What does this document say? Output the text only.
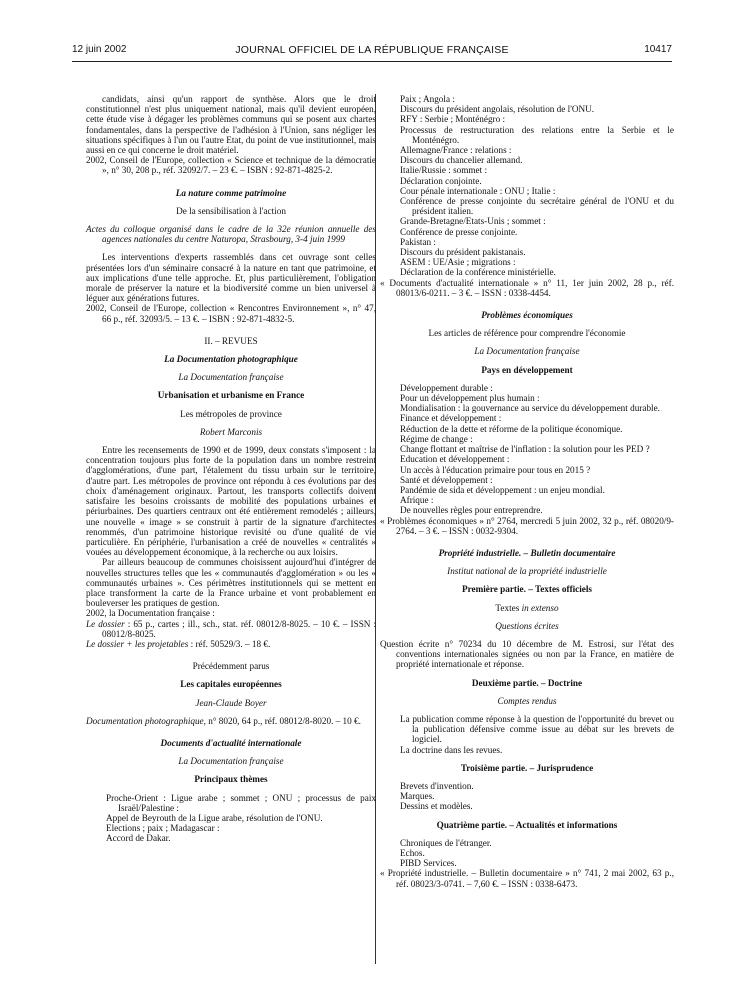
12 juin 2002	JOURNAL OFFICIEL DE LA RÉPUBLIQUE FRANÇAISE	10417

candidats, ainsi qu'un rapport de synthèse. Alors que le droit constitutionnel n'est plus uniquement national, mais qu'il devient européen, cette étude vise à dégager les problèmes communs qui se posent aux chartes fondamentales, dans la perspective de l'adhésion à l'Union, sans négliger les situations spécifiques à l'un ou l'autre Etat, du point de vue institutionnel, mais aussi en ce qui concerne le droit matériel.

2002, Conseil de l'Europe, collection « Science et technique de la démocratie », n° 30, 208 p., réf. 32092/7. – 23 €. – ISBN : 92-871-4825-2.

La nature comme patrimoine

De la sensibilisation à l'action

Actes du colloque organisé dans le cadre de la 32e réunion annuelle des agences nationales du centre Naturopa, Strasbourg, 3-4 juin 1999

Les interventions d'experts rassemblés dans cet ouvrage sont celles présentées lors d'un séminaire consacré à la nature en tant que patrimoine, et aux implications d'une telle approche. Et, plus particulièrement, l'obligation morale de préserver la nature et la biodiversité comme un bien universel à léguer aux générations futures.

2002, Conseil de l'Europe, collection « Rencontres Environnement », n° 47, 66 p., réf. 32093/5. – 13 €. – ISBN : 92-871-4832-5.

II. – REVUES

La Documentation photographique

La Documentation française

Urbanisation et urbanisme en France

Les métropoles de province

Robert Marconis

Entre les recensements de 1990 et de 1999, deux constats s'imposent : la concentration toujours plus forte de la population dans un nombre restreint d'agglomérations, d'une part, l'étalement du tissu urbain sur le territoire, d'autre part. Les métropoles de province ont répondu à ces évolutions par des choix d'aménagement originaux. Partout, les transports collectifs doivent satisfaire les besoins croissants de mobilité des populations urbaines et périurbaines. Des quartiers centraux ont été entièrement remodelés ; ailleurs, une nouvelle « image » se construit à partir de la signature d'architectes renommés, d'un patrimoine historique revisité ou d'une qualité de vie particulière. En périphérie, l'urbanisation a créé de nouvelles « centralités » vouées au développement économique, à la recherche ou aux loisirs.

Par ailleurs beaucoup de communes choisissent aujourd'hui d'intégrer de nouvelles structures telles que les « communautés d'agglomération » ou les « communautés urbaines ». Ces périmètres institutionnels qui se mettent en place transforment la carte de la France urbaine et vont probablement en bouleverser les pratiques de gestion.

2002, la Documentation française :

Le dossier : 65 p., cartes ; ill., sch., stat. réf. 08012/8-8025. – 10 €. – ISSN : 08012/8-8025.

Le dossier + les projetables : réf. 50529/3. – 18 €.

Précédemment parus

Les capitales européennes

Jean-Claude Boyer

Documentation photographique, n° 8020, 64 p., réf. 08012/8-8020. – 10 €.

Documents d'actualité internationale

La Documentation française

Principaux thèmes

Proche-Orient : Ligue arabe ; sommet ; ONU ; processus de paix Israël/Palestine :

Appel de Beyrouth de la Ligue arabe, résolution de l'ONU.

Elections ; paix ; Madagascar :

Accord de Dakar.

Paix ; Angola :

Discours du président angolais, résolution de l'ONU.

RFY : Serbie ; Monténégro :

Processus de restructuration des relations entre la Serbie et le Monténégro.

Allemagne/France : relations :

Discours du chancelier allemand.

Italie/Russie : sommet :

Déclaration conjointe.

Cour pénale internationale : ONU ; Italie :

Conférence de presse conjointe du secrétaire général de l'ONU et du président italien.

Grande-Bretagne/Etats-Unis ; sommet :

Conférence de presse conjointe.

Pakistan :

Discours du président pakistanais.

ASEM : UE/Asie ; migrations :

Déclaration de la conférence ministérielle.

« Documents d'actualité internationale » n° 11, 1er juin 2002, 28 p., réf. 08013/6-0211. – 3 €. – ISSN : 0338-4454.

Problèmes économiques

Les articles de référence pour comprendre l'économie

La Documentation française

Pays en développement

Développement durable :

Pour un développement plus humain :

Mondialisation : la gouvernance au service du développement durable.

Finance et développement :

Réduction de la dette et réforme de la politique économique.

Régime de change :

Change flottant et maîtrise de l'inflation : la solution pour les PED ?

Education et développement :

Un accès à l'éducation primaire pour tous en 2015 ?

Santé et développement :

Pandémie de sida et développement : un enjeu mondial.

Afrique :

De nouvelles règles pour entreprendre.

« Problèmes économiques » n° 2764, mercredi 5 juin 2002, 32 p., réf. 08020/9-2764. – 3 €. – ISSN : 0032-9304.

Propriété industrielle. – Bulletin documentaire

Institut national de la propriété industrielle

Première partie. – Textes officiels

Textes in extenso

Questions écrites

Question écrite n° 70234 du 10 décembre de M. Estrosi, sur l'état des conventions internationales signées ou non par la France, en matière de propriété internationale et réponse.

Deuxième partie. – Doctrine

Comptes rendus

La publication comme réponse à la question de l'opportunité du brevet ou la publication défensive comme issue au débat sur les brevets de logiciel.

La doctrine dans les revues.

Troisième partie. – Jurisprudence

Brevets d'invention.

Marques.

Dessins et modèles.

Quatrième partie. – Actualités et informations

Chroniques de l'étranger.

Echos.

PIBD Services.

« Propriété industrielle. – Bulletin documentaire » n° 741, 2 mai 2002, 63 p., réf. 08023/3-0741. – 7,60 €. – ISSN : 0338-6473.
